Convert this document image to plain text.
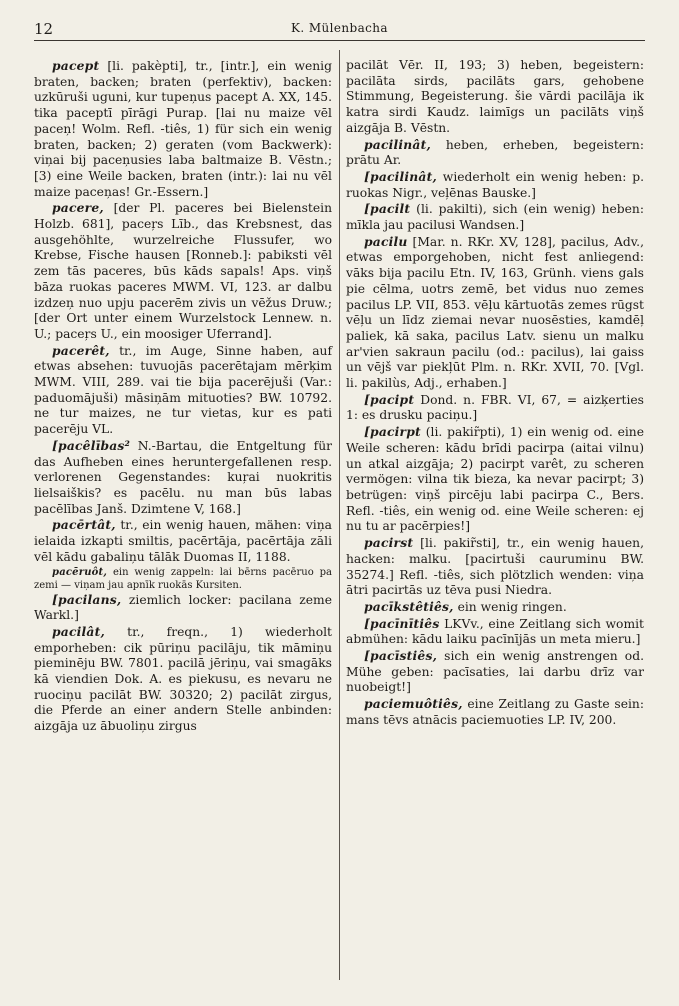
12	K. Mülenbacha

pacept [li. pakèpti], tr., [intr.], ein wenig braten, backen; braten (perfektiv), backen: uzkūruši uguni, kur tupeņus pacept A. XX, 145. tika paceptī pīrāgi Purap. [lai nu maize vēl paceņ! Wolm. Refl. -tiês, 1) für sich ein wenig braten, backen; 2) geraten (vom Backwerk): viņai bij paceņusies laba baltmaize B. Vēstn.; [3) eine Weile backen, braten (intr.): lai nu vēl maize paceņas! Gr.-Essern.]

pacere, [der Pl. paceres bei Bielenstein Holzb. 681], paceŗs Līb., das Krebsnest, das ausgehöhlte, wurzelreiche Flussufer, wo Krebse, Fische hausen [Ronneb.]: pabiksti vēl zem tās paceres, būs kāds sapals! Aps. viņš bāza ruokas paceres MWM. VI, 123. ar dalbu izdzeņ nuo upju pacerēm zivis un vēžus Druw.; [der Ort unter einem Wurzelstock Lennew. n. U.; paceŗs U., ein moosiger Uferrand].

pacerêt, tr., im Auge, Sinne haben, auf etwas absehen: tuvuojās pacerētajam mērķim MWM. VIII, 289. vai tie bija pacerējuši (Var.: paduomājuši) māsiņām mituoties? BW. 10792. ne tur maizes, ne tur vietas, kur es pati pacerēju VL.

[pacêlības² N.-Bartau, die Entgeltung für das Aufheben eines heruntergefallenen resp. verlorenen Gegenstandes: kuŗai nuokritis lielsaiškis? es pacēlu. nu man būs labas pacēlības Janš. Dzimtene V, 168.]

pacērtât, tr., ein wenig hauen, mähen: viņa ielaida izkapti smiltis, pacērtāja, pacērtāja zāli vēl kādu gabaliņu tālāk Duomas II, 1188.

pacēruôt, ein wenig zappeln: lai bērns pacēruo pa zemi — viņam jau apnīk ruokās Kursiten.

[pacilans, ziemlich locker: pacilana zeme Warkl.]

pacilât, tr., freqn., 1) wiederholt emporheben: cik pūriņu pacilāju, tik māmiņu pieminēju BW. 7801. pacilā jēriņu, vai smagāks kā viendien Dok. A. es piekusu, es nevaru ne ruociņu pacilāt BW. 30320; 2) pacilāt zirgus, die Pferde an einer andern Stelle anbinden: aizgāja uz ābuoliņu zirgus

pacilāt Vēr. II, 193; 3) heben, begeistern: pacilāta sirds, pacilāts gars, gehobene Stimmung, Begeisterung. šie vārdi pacilāja ik katra sirdi Kaudz. laimīgs un pacilāts viņš aizgāja B. Vēstn.

pacilinât, heben, erheben, begeistern: prātu Ar.

[pacilinât, wiederholt ein wenig heben: p. ruokas Nigr., veļēnas Bauske.]

[pacilt (li. pakilti), sich (ein wenig) heben: mīkla jau pacilusi Wandsen.]

pacilu [Mar. n. RKr. XV, 128], pacilus, Adv., etwas emporgehoben, nicht fest anliegend: vāks bija pacilu Etn. IV, 163, Grünh. viens gals pie cēlma, uotrs zemē, bet vidus nuo zemes pacilus LP. VII, 853. vēļu kārtuotās zemes rūgst vēļu un līdz ziemai nevar nuosēsties, kamdēļ paliek, kā saka, pacilus Latv. sienu un malku ar'vien sakraun pacilu (od.: pacilus), lai gaiss un vējš var piekļūt Plm. n. RKr. XVII, 70. [Vgl. li. pakilùs, Adj., erhaben.]

[pacipt Dond. n. FBR. VI, 67, = aizķerties 1: es drusku paciņu.]

[pacirpt (li. pakir̃pti), 1) ein wenig od. eine Weile scheren: kādu brīdi pacirpa (aitai vilnu) un atkal aizgāja; 2) pacirpt varêt, zu scheren vermögen: vilna tik bieza, ka nevar pacirpt; 3) betrügen: viņš pircēju labi pacirpa C., Bers. Refl. -tiês, ein wenig od. eine Weile scheren: ej nu tu ar pacērpies!]

pacirst [li. pakir̃sti], tr., ein wenig hauen, hacken: malku. [pacirtuši cauruminu BW. 35274.] Refl. -tiês, sich plötzlich wenden: viņa ātri pacirtās uz tēva pusi Niedra.

pacīkstêtiês, ein wenig ringen.

[pacīnītiês LKVv., eine Zeitlang sich womit abmühen: kādu laiku pacīnījās un meta mieru.]

[pacīstiês, sich ein wenig anstrengen od. Mühe geben: pacīsaties, lai darbu drīz var nuobeigt!]

paciemuôtiês, eine Zeitlang zu Gaste sein: mans tēvs atnācis paciemuoties LP. IV, 200.
